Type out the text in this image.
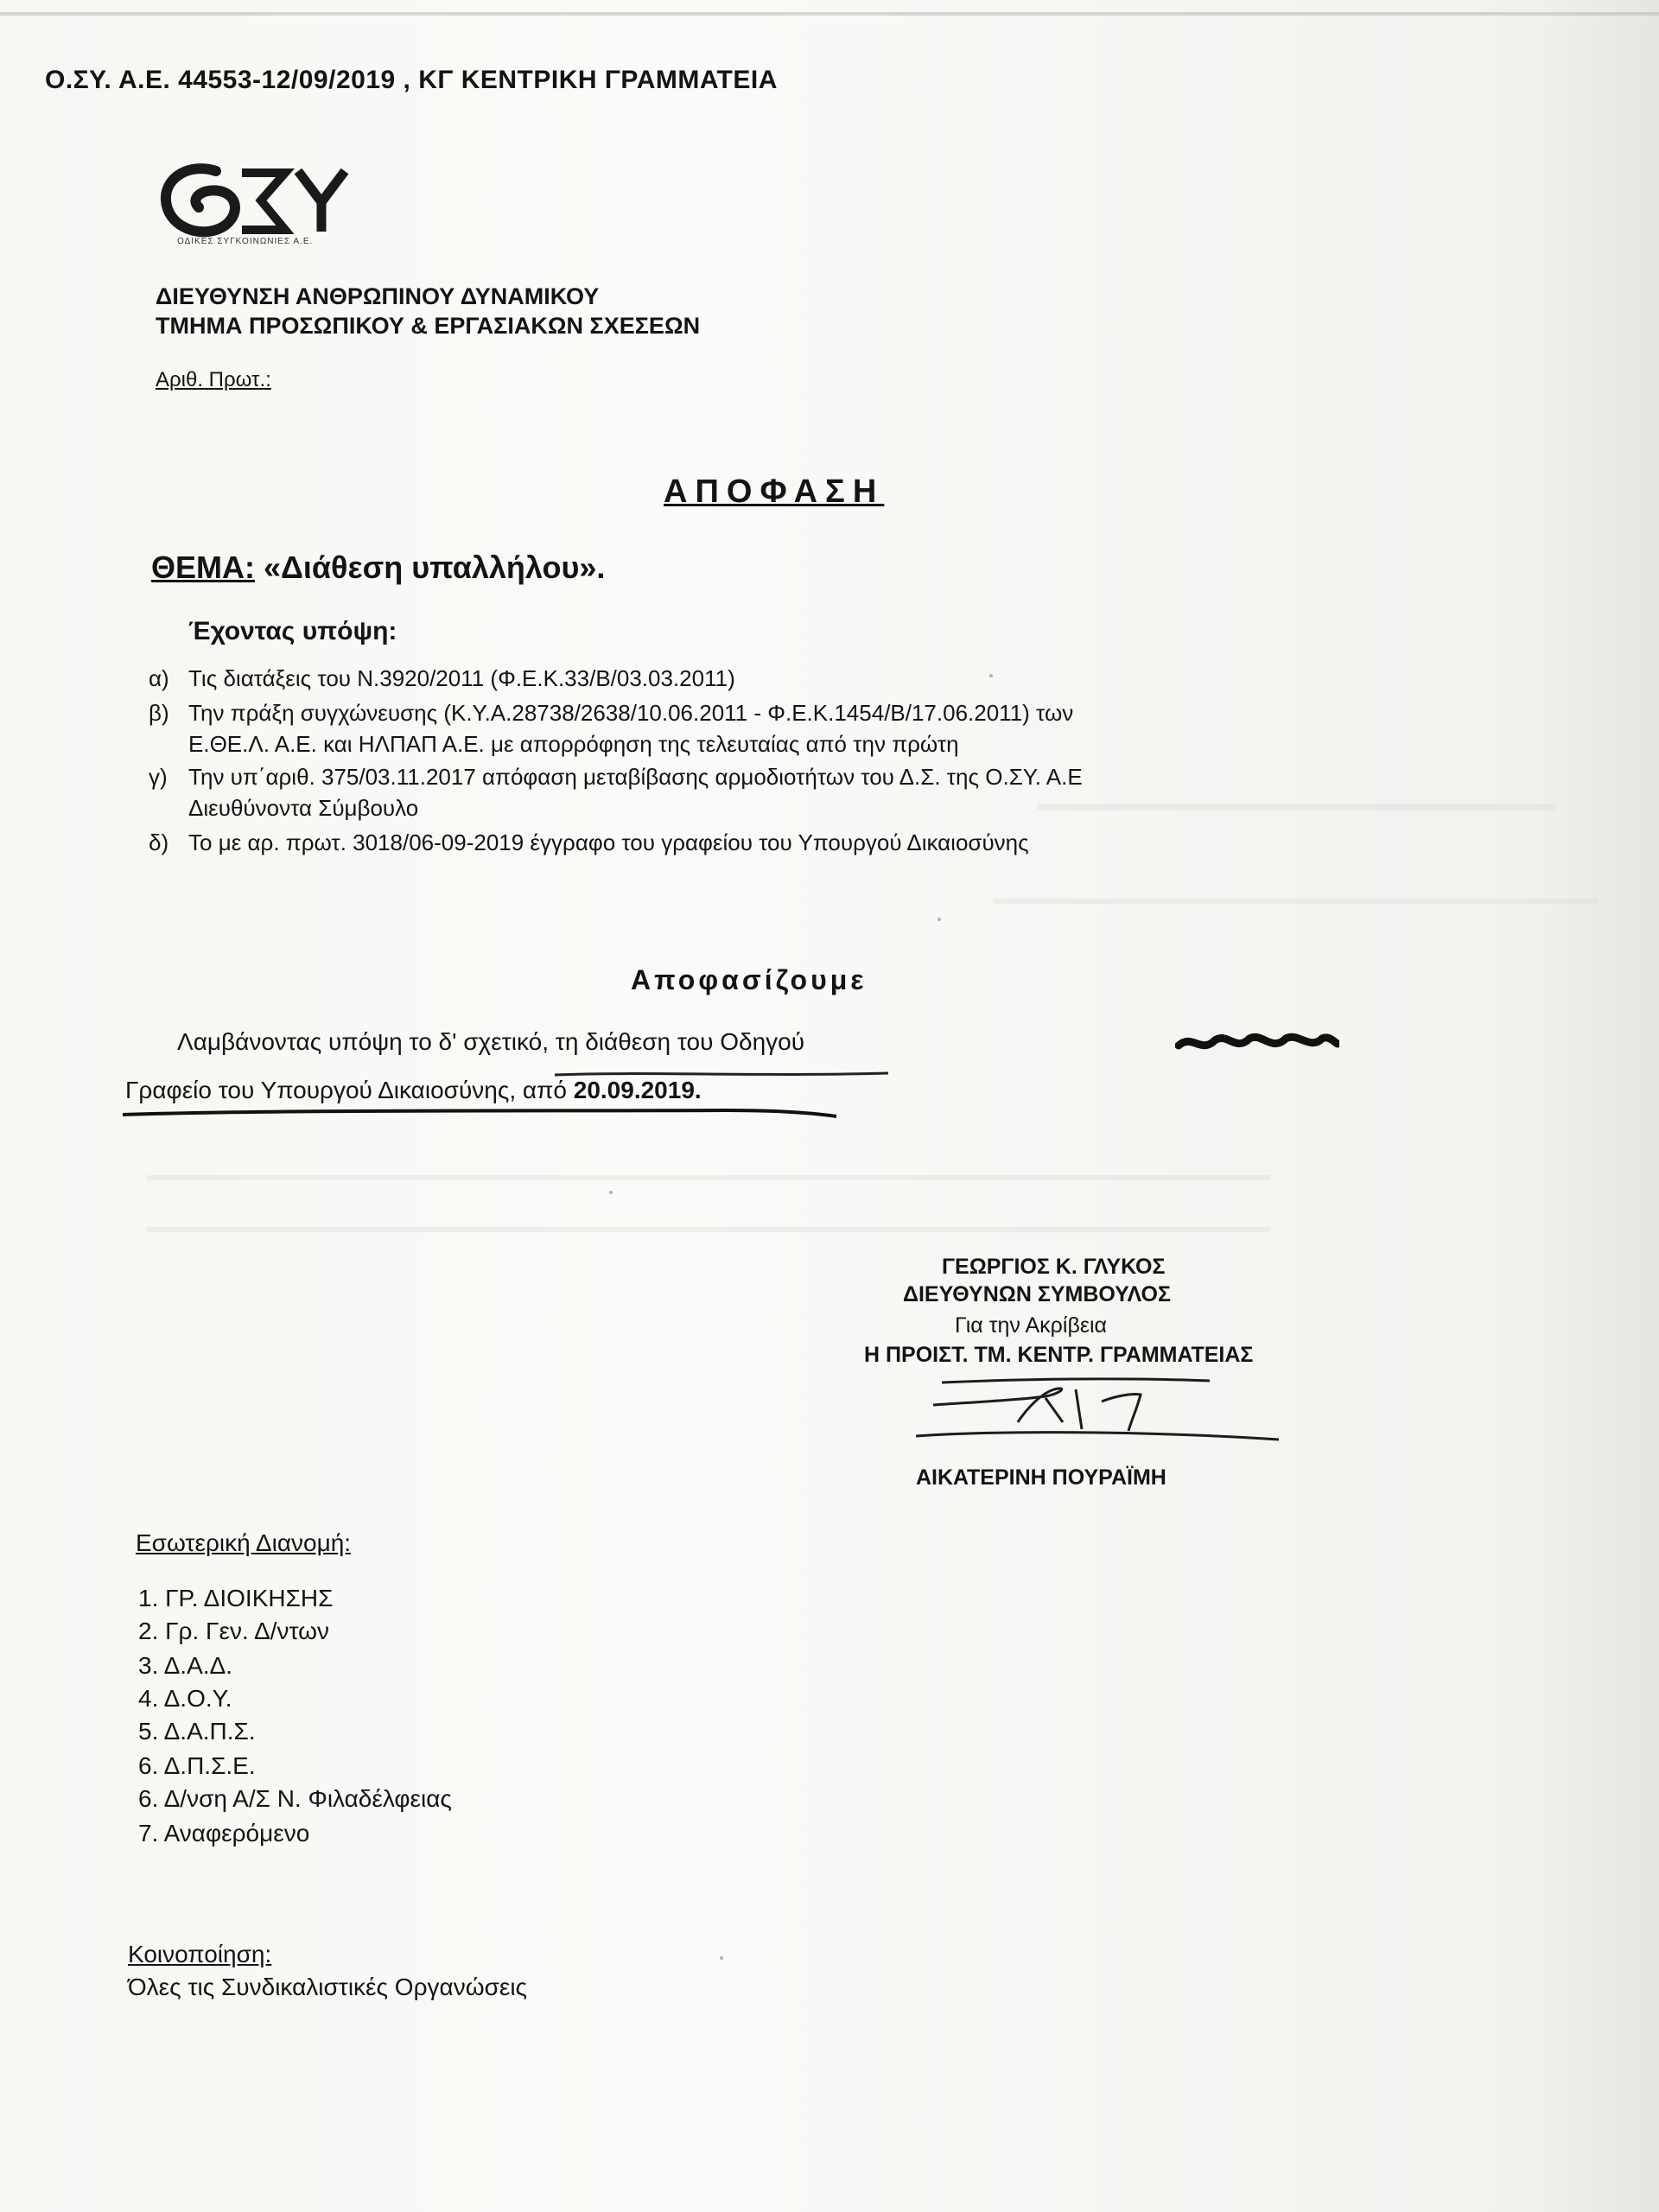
Ο.ΣΥ. Α.Ε. 44553-12/09/2019 , ΚΓ ΚΕΝΤΡΙΚΗ ΓΡΑΜΜΑΤΕΙΑ
ΟΔΙΚΕΣ ΣΥΓΚΟΙΝΩΝΙΕΣ Α.Ε.
ΔΙΕΥΘΥΝΣΗ ΑΝΘΡΩΠΙΝΟΥ ΔΥΝΑΜΙΚΟΥ
ΤΜΗΜΑ ΠΡΟΣΩΠΙΚΟΥ & ΕΡΓΑΣΙΑΚΩΝ ΣΧΕΣΕΩΝ
Αριθ. Πρωτ.:
ΑΠΟΦΑΣΗ
ΘΕΜΑ: «Διάθεση υπαλλήλου».
Έχοντας υπόψη:
α) Τις διατάξεις του Ν.3920/2011 (Φ.Ε.Κ.33/Β/03.03.2011)
β) Την πράξη συγχώνευσης (Κ.Υ.Α.28738/2638/10.06.2011 - Φ.Ε.Κ.1454/Β/17.06.2011) των
Ε.ΘΕ.Λ. Α.Ε. και ΗΛΠΑΠ Α.Ε. με απορρόφηση της τελευταίας από την πρώτη
γ) Την υπ΄αριθ. 375/03.11.2017 απόφαση μεταβίβασης αρμοδιοτήτων του Δ.Σ. της Ο.ΣΥ. Α.Ε
Διευθύνοντα Σύμβουλο
δ) Το με αρ. πρωτ. 3018/06-09-2019 έγγραφο του γραφείου του Υπουργού Δικαιοσύνης
Αποφασίζουμε
Λαμβάνοντας υπόψη το δ' σχετικό, τη διάθεση του Οδηγού
Γραφείο του Υπουργού Δικαιοσύνης, από 20.09.2019.
ΓΕΩΡΓΙΟΣ Κ. ΓΛΥΚΟΣ
ΔΙΕΥΘΥΝΩΝ ΣΥΜΒΟΥΛΟΣ
Για την Ακρίβεια
Η ΠΡΟΙΣΤ. ΤΜ. ΚΕΝΤΡ. ΓΡΑΜΜΑΤΕΙΑΣ
ΑΙΚΑΤΕΡΙΝΗ ΠΟΥΡΑΪΜΗ
Εσωτερική Διανομή:
1. ΓΡ. ΔΙΟΙΚΗΣΗΣ
2. Γρ. Γεν. Δ/ντων
3. Δ.Α.Δ.
4. Δ.Ο.Υ.
5. Δ.Α.Π.Σ.
6. Δ.Π.Σ.Ε.
6. Δ/νση Α/Σ Ν. Φιλαδέλφειας
7. Αναφερόμενο
Κοινοποίηση:
Όλες τις Συνδικαλιστικές Οργανώσεις
